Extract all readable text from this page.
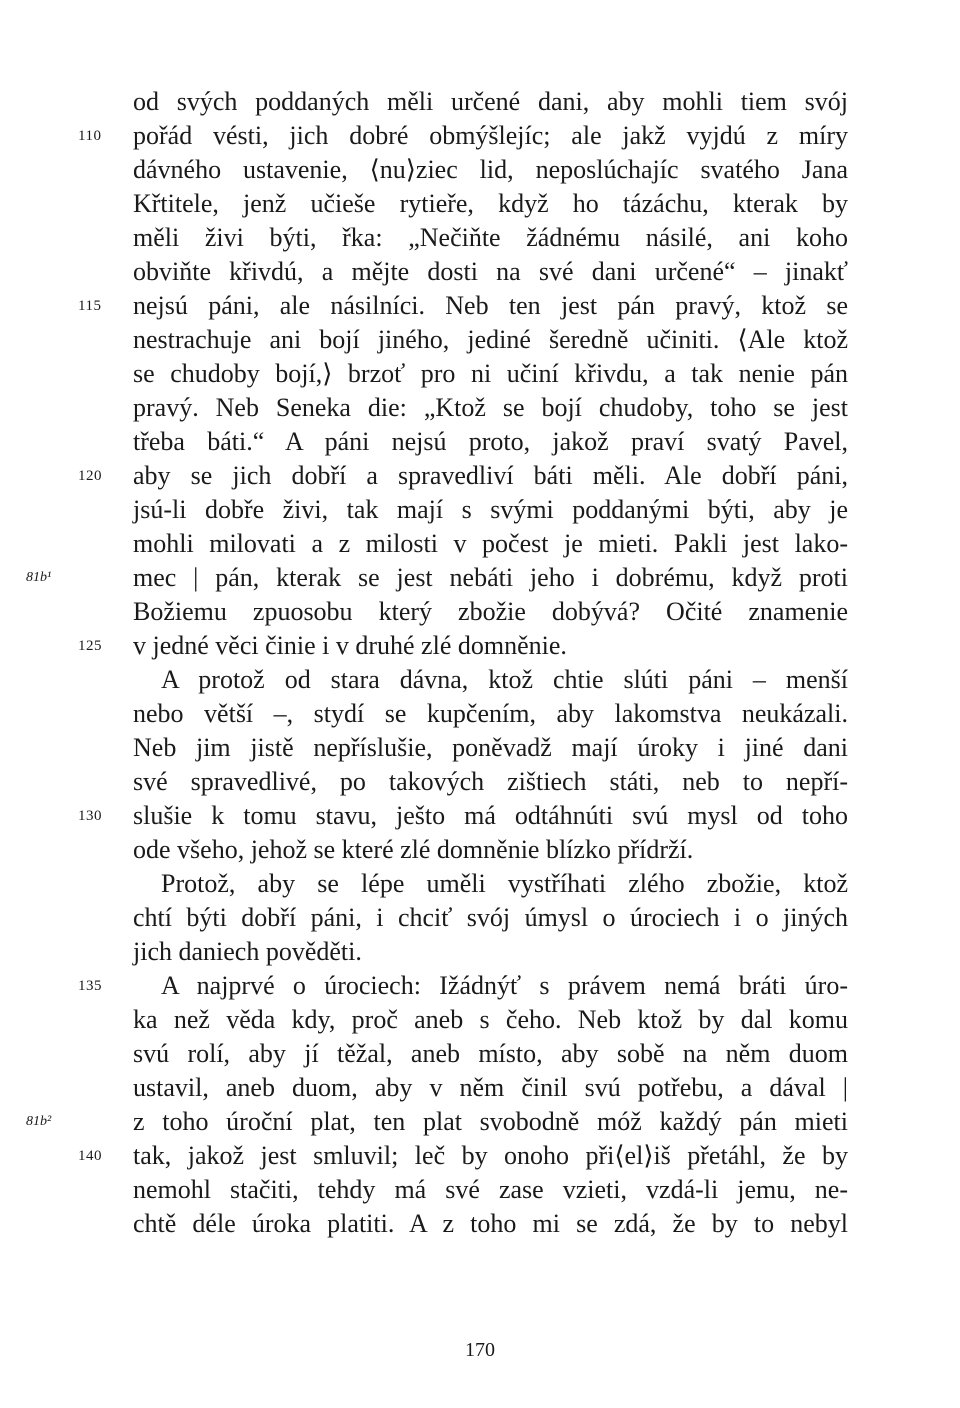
od svých poddaných měli určené dani, aby mohli tiem svój
pořád vésti, jich dobré obmýšlejíc; ale jakž vyjdú z míry
dávného ustavenie, ⟨nu⟩ziec lid, neposlúchajíc svatého Jana
Křtitele, jenž učieše rytieře, když ho tázáchu, kterak by
měli živi býti, řka: „Nečiňte žádnému násilé, ani koho
obviňte křivdú, a mějte dosti na své dani určené“ – jinakť
nejsú páni, ale násilníci. Neb ten jest pán pravý, ktož se
nestrachuje ani bojí jiného, jediné šeredně učiniti. ⟨Ale ktož
se chudoby bojí,⟩ brzoť pro ni učiní křivdu, a tak nenie pán
pravý. Neb Seneka die: „Ktož se bojí chudoby, toho se jest
třeba báti.“ A páni nejsú proto, jakož praví svatý Pavel,
aby se jich dobří a spravedliví báti měli. Ale dobří páni,
jsú-li dobře živi, tak mají s svými poddanými býti, aby je
mohli milovati a z milosti v počest je mieti. Pakli jest lako-
mec | pán, kterak se jest nebáti jeho i dobrému, když proti
Božiemu zpuosobu který zbožie dobývá? Očité znamenie
v jedné věci činie i v druhé zlé domněnie.
A protož od stara dávna, ktož chtie slúti páni – menší
nebo větší –, stydí se kupčením, aby lakomstva neukázali.
Neb jim jistě nepříslušie, poněvadž mají úroky i jiné dani
své spravedlivé, po takových zištiech státi, neb to nepří-
slušie k tomu stavu, ješto má odtáhnúti svú mysl od toho
ode všeho, jehož se které zlé domněnie blízko přídrží.
Protož, aby se lépe uměli vystříhati zlého zbožie, ktož
chtí býti dobří páni, i chciť svój úmysl o úrociech i o jiných
jich daniech pověděti.
A najprvé o úrociech: Ižádnýť s právem nemá bráti úro-
ka než věda kdy, proč aneb s čeho. Neb ktož by dal komu
svú rolí, aby jí těžal, aneb místo, aby sobě na něm duom
ustavil, aneb duom, aby v něm činil svú potřebu, a dával |
z toho úroční plat, ten plat svobodně móž každý pán mieti
tak, jakož jest smluvil; leč by onoho při⟨el⟩iš přetáhl, že by
nemohl stačiti, tehdy má své zase vzieti, vzdá-li jemu, ne-
chtě déle úroka platiti. A z toho mi se zdá, že by to nebyl
110
115
120
125
130
135
140
81b¹
81b²
170
